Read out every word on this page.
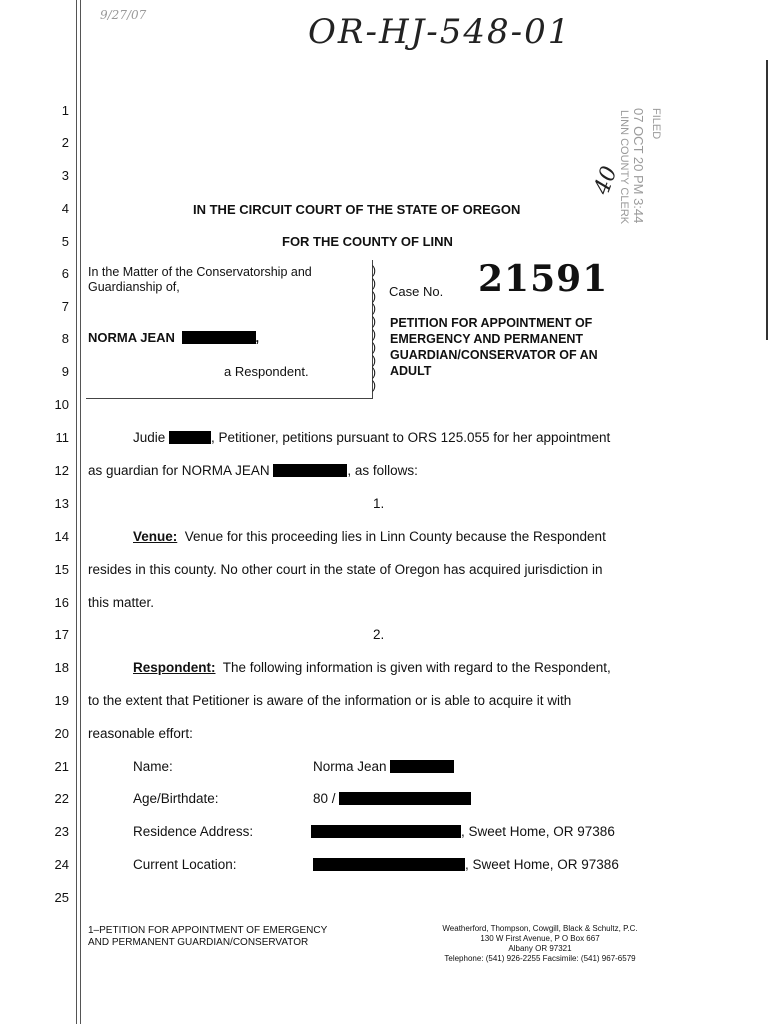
9/27/07	OR-HJ-548-01
40
FILED
07 OCT 20 PM 3:44
LINN COUNTY CLERK
1
2
3
4
5
6
7
8
9
10
11
12
13
14
15
16
17
18
19
20
21
22
23
24
25
IN THE CIRCUIT COURT OF THE STATE OF OREGON
FOR THE COUNTY OF LINN
In the Matter of the Conservatorship and
Guardianship of,
NORMA JEAN	,
a Respondent.
)
)
)
)
)
)
)
)
)
)
Case No. 21591
PETITION FOR APPOINTMENT OF
EMERGENCY AND PERMANENT
GUARDIAN/CONSERVATOR OF AN
ADULT
Judie	, Petitioner, petitions pursuant to ORS 125.055 for her appointment
as guardian for NORMA JEAN	, as follows:
1.
Venue: Venue for this proceeding lies in Linn County because the Respondent
resides in this county. No other court in the state of Oregon has acquired jurisdiction in
this matter.
2.
Respondent: The following information is given with regard to the Respondent,
to the extent that Petitioner is aware of the information or is able to acquire it with
reasonable effort:
Name:	Norma Jean
Age/Birthdate:	80 /
Residence Address:	, Sweet Home, OR 97386
Current Location:	, Sweet Home, OR 97386
1–PETITION FOR APPOINTMENT OF EMERGENCY
AND PERMANENT GUARDIAN/CONSERVATOR
Weatherford, Thompson, Cowgill, Black & Schultz, P.C.
130 W First Avenue, P O Box 667
Albany OR 97321
Telephone: (541) 926-2255 Facsimile: (541) 967-6579
